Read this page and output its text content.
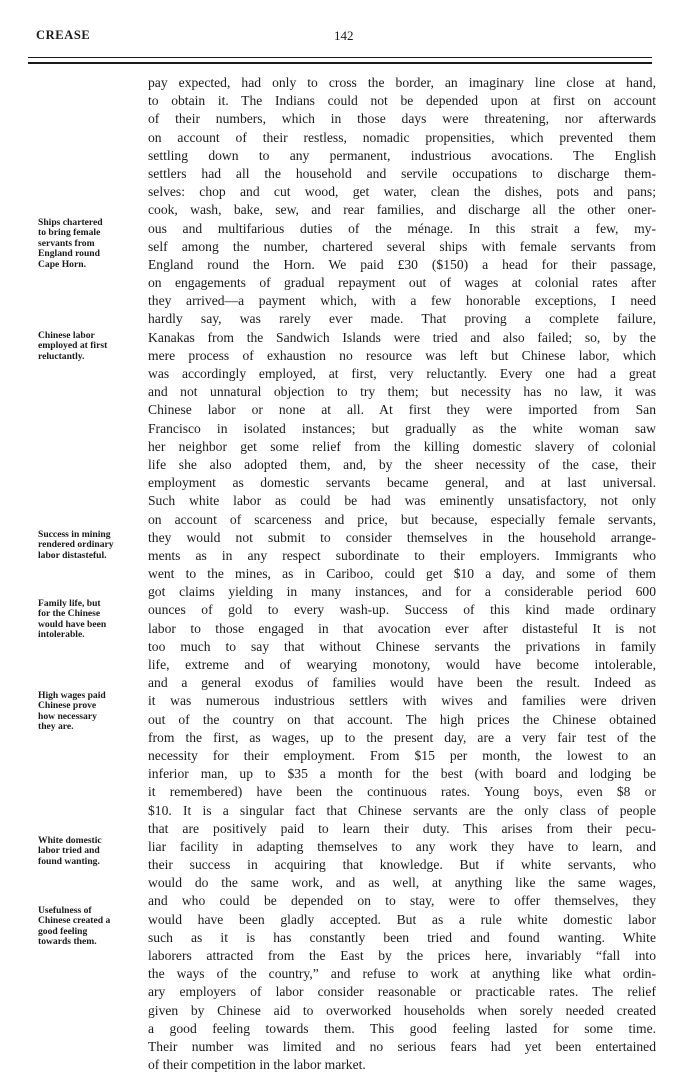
CREASE	142
pay expected, had only to cross the border, an imaginary line close at hand,
to obtain it. The Indians could not be depended upon at first on account
of their numbers, which in those days were threatening, nor afterwards
on account of their restless, nomadic propensities, which prevented them
settling down to any permanent, industrious avocations. The English
settlers had all the household and servile occupations to discharge them-
selves: chop and cut wood, get water, clean the dishes, pots and pans;
cook, wash, bake, sew, and rear families, and discharge all the other oner-
ous and multifarious duties of the ménage. In this strait a few, my-
self among the number, chartered several ships with female servants from
England round the Horn. We paid £30 ($150) a head for their passage,
on engagements of gradual repayment out of wages at colonial rates after
they arrived—a payment which, with a few honorable exceptions, I need
hardly say, was rarely ever made. That proving a complete failure,
Kanakas from the Sandwich Islands were tried and also failed; so, by the
mere process of exhaustion no resource was left but Chinese labor, which
was accordingly employed, at first, very reluctantly. Every one had a great
and not unnatural objection to try them; but necessity has no law, it was
Chinese labor or none at all. At first they were imported from San
Francisco in isolated instances; but gradually as the white woman saw
her neighbor get some relief from the killing domestic slavery of colonial
life she also adopted them, and, by the sheer necessity of the case, their
employment as domestic servants became general, and at last universal.
Such white labor as could be had was eminently unsatisfactory, not only
on account of scarceness and price, but because, especially female servants,
they would not submit to consider themselves in the household arrange-
ments as in any respect subordinate to their employers. Immigrants who
went to the mines, as in Cariboo, could get $10 a day, and some of them
got claims yielding in many instances, and for a considerable period 600
ounces of gold to every wash-up. Success of this kind made ordinary
labor to those engaged in that avocation ever after distasteful It is not
too much to say that without Chinese servants the privations in family
life, extreme and of wearying monotony, would have become intolerable,
and a general exodus of families would have been the result. Indeed as
it was numerous industrious settlers with wives and families were driven
out of the country on that account. The high prices the Chinese obtained
from the first, as wages, up to the present day, are a very fair test of the
necessity for their employment. From $15 per month, the lowest to an
inferior man, up to $35 a month for the best (with board and lodging be
it remembered) have been the continuous rates. Young boys, even $8 or
$10. It is a singular fact that Chinese servants are the only class of people
that are positively paid to learn their duty. This arises from their pecu-
liar facility in adapting themselves to any work they have to learn, and
their success in acquiring that knowledge. But if white servants, who
would do the same work, and as well, at anything like the same wages,
and who could be depended on to stay, were to offer themselves, they
would have been gladly accepted. But as a rule white domestic labor
such as it is has constantly been tried and found wanting. White
laborers attracted from the East by the prices here, invariably “fall into
the ways of the country,” and refuse to work at anything like what ordin-
ary employers of labor consider reasonable or practicable rates. The relief
given by Chinese aid to overworked households when sorely needed created
a good feeling towards them. This good feeling lasted for some time.
Their number was limited and no serious fears had yet been entertained
of their competition in the labor market.
Ships chartered
to bring female
servants from
England round
Cape Horn.
Chinese labor
employed at first
reluctantly.
Success in mining
rendered ordinary
labor distasteful.
Family life, but
for the Chinese
would have been
intolerable.
High wages paid
Chinese prove
how necessary
they are.
White domestic
labor tried and
found wanting.
Usefulness of
Chinese created a
good feeling
towards them.
